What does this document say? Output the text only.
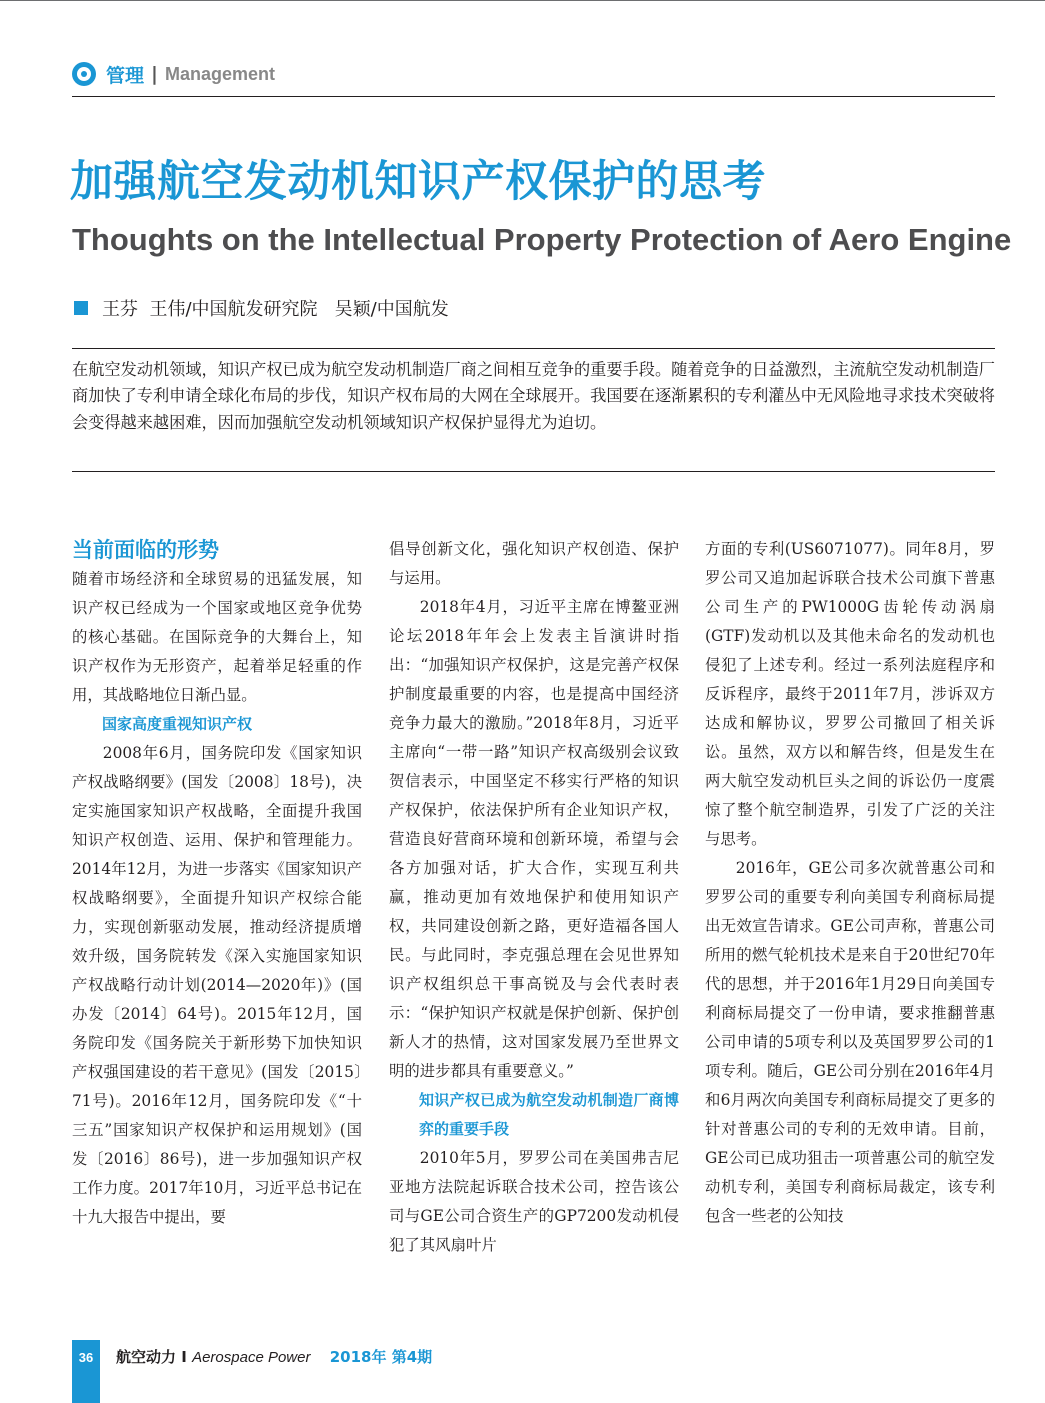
管理 | Management
加强航空发动机知识产权保护的思考
Thoughts on the Intellectual Property Protection of Aero Engine
王芬  王伟/中国航发研究院   吴颖/中国航发

在航空发动机领域，知识产权已成为航空发动机制造厂商之间相互竞争的重要手段。随着竞争的日益激烈，主流航空发动机制造厂商加快了专利申请全球化布局的步伐，知识产权布局的大网在全球展开。我国要在逐渐累积的专利灌丛中无风险地寻求技术突破将会变得越来越困难，因而加强航空发动机领域知识产权保护显得尤为迫切。

当前面临的形势

随着市场经济和全球贸易的迅猛发展，知识产权已经成为一个国家或地区竞争优势的核心基础。在国际竞争的大舞台上，知识产权作为无形资产，起着举足轻重的作用，其战略地位日渐凸显。

国家高度重视知识产权

2008年6月，国务院印发《国家知识产权战略纲要》(国发〔2008〕18号)，决定实施国家知识产权战略，全面提升我国知识产权创造、运用、保护和管理能力。2014年12月，为进一步落实《国家知识产权战略纲要》，全面提升知识产权综合能力，实现创新驱动发展，推动经济提质增效升级，国务院转发《深入实施国家知识产权战略行动计划(2014—2020年)》(国办发〔2014〕64号)。2015年12月，国务院印发《国务院关于新形势下加快知识产权强国建设的若干意见》(国发〔2015〕71号)。2016年12月，国务院印发《“十三五”国家知识产权保护和运用规划》(国发〔2016〕86号)，进一步加强知识产权工作力度。2017年10月，习近平总书记在十九大报告中提出，要

倡导创新文化，强化知识产权创造、保护与运用。

2018年4月，习近平主席在博鳌亚洲论坛2018年年会上发表主旨演讲时指出：“加强知识产权保护，这是完善产权保护制度最重要的内容，也是提高中国经济竞争力最大的激励。”2018年8月，习近平主席向“一带一路”知识产权高级别会议致贺信表示，中国坚定不移实行严格的知识产权保护，依法保护所有企业知识产权，营造良好营商环境和创新环境，希望与会各方加强对话，扩大合作，实现互利共赢，推动更加有效地保护和使用知识产权，共同建设创新之路，更好造福各国人民。与此同时，李克强总理在会见世界知识产权组织总干事高锐及与会代表时表示：“保护知识产权就是保护创新、保护创新人才的热情，这对国家发展乃至世界文明的进步都具有重要意义。”

知识产权已成为航空发动机制造厂商博弈的重要手段

2010年5月，罗罗公司在美国弗吉尼亚地方法院起诉联合技术公司，控告该公司与GE公司合资生产的GP7200发动机侵犯了其风扇叶片

方面的专利(US6071077)。同年8月，罗罗公司又追加起诉联合技术公司旗下普惠公司生产的PW1000G齿轮传动涡扇(GTF)发动机以及其他未命名的发动机也侵犯了上述专利。经过一系列法庭程序和反诉程序，最终于2011年7月，涉诉双方达成和解协议，罗罗公司撤回了相关诉讼。虽然，双方以和解告终，但是发生在两大航空发动机巨头之间的诉讼仍一度震惊了整个航空制造界，引发了广泛的关注与思考。

2016年，GE公司多次就普惠公司和罗罗公司的重要专利向美国专利商标局提出无效宣告请求。GE公司声称，普惠公司所用的燃气轮机技术是来自于20世纪70年代的思想，并于2016年1月29日向美国专利商标局提交了一份申请，要求推翻普惠公司申请的5项专利以及英国罗罗公司的1项专利。随后，GE公司分别在2016年4月和6月两次向美国专利商标局提交了更多的针对普惠公司的专利的无效申请。目前，GE公司已成功狙击一项普惠公司的航空发动机专利，美国专利商标局裁定，该专利包含一些老的公知技

36	航空动力 I Aerospace Power 2018年 第4期
